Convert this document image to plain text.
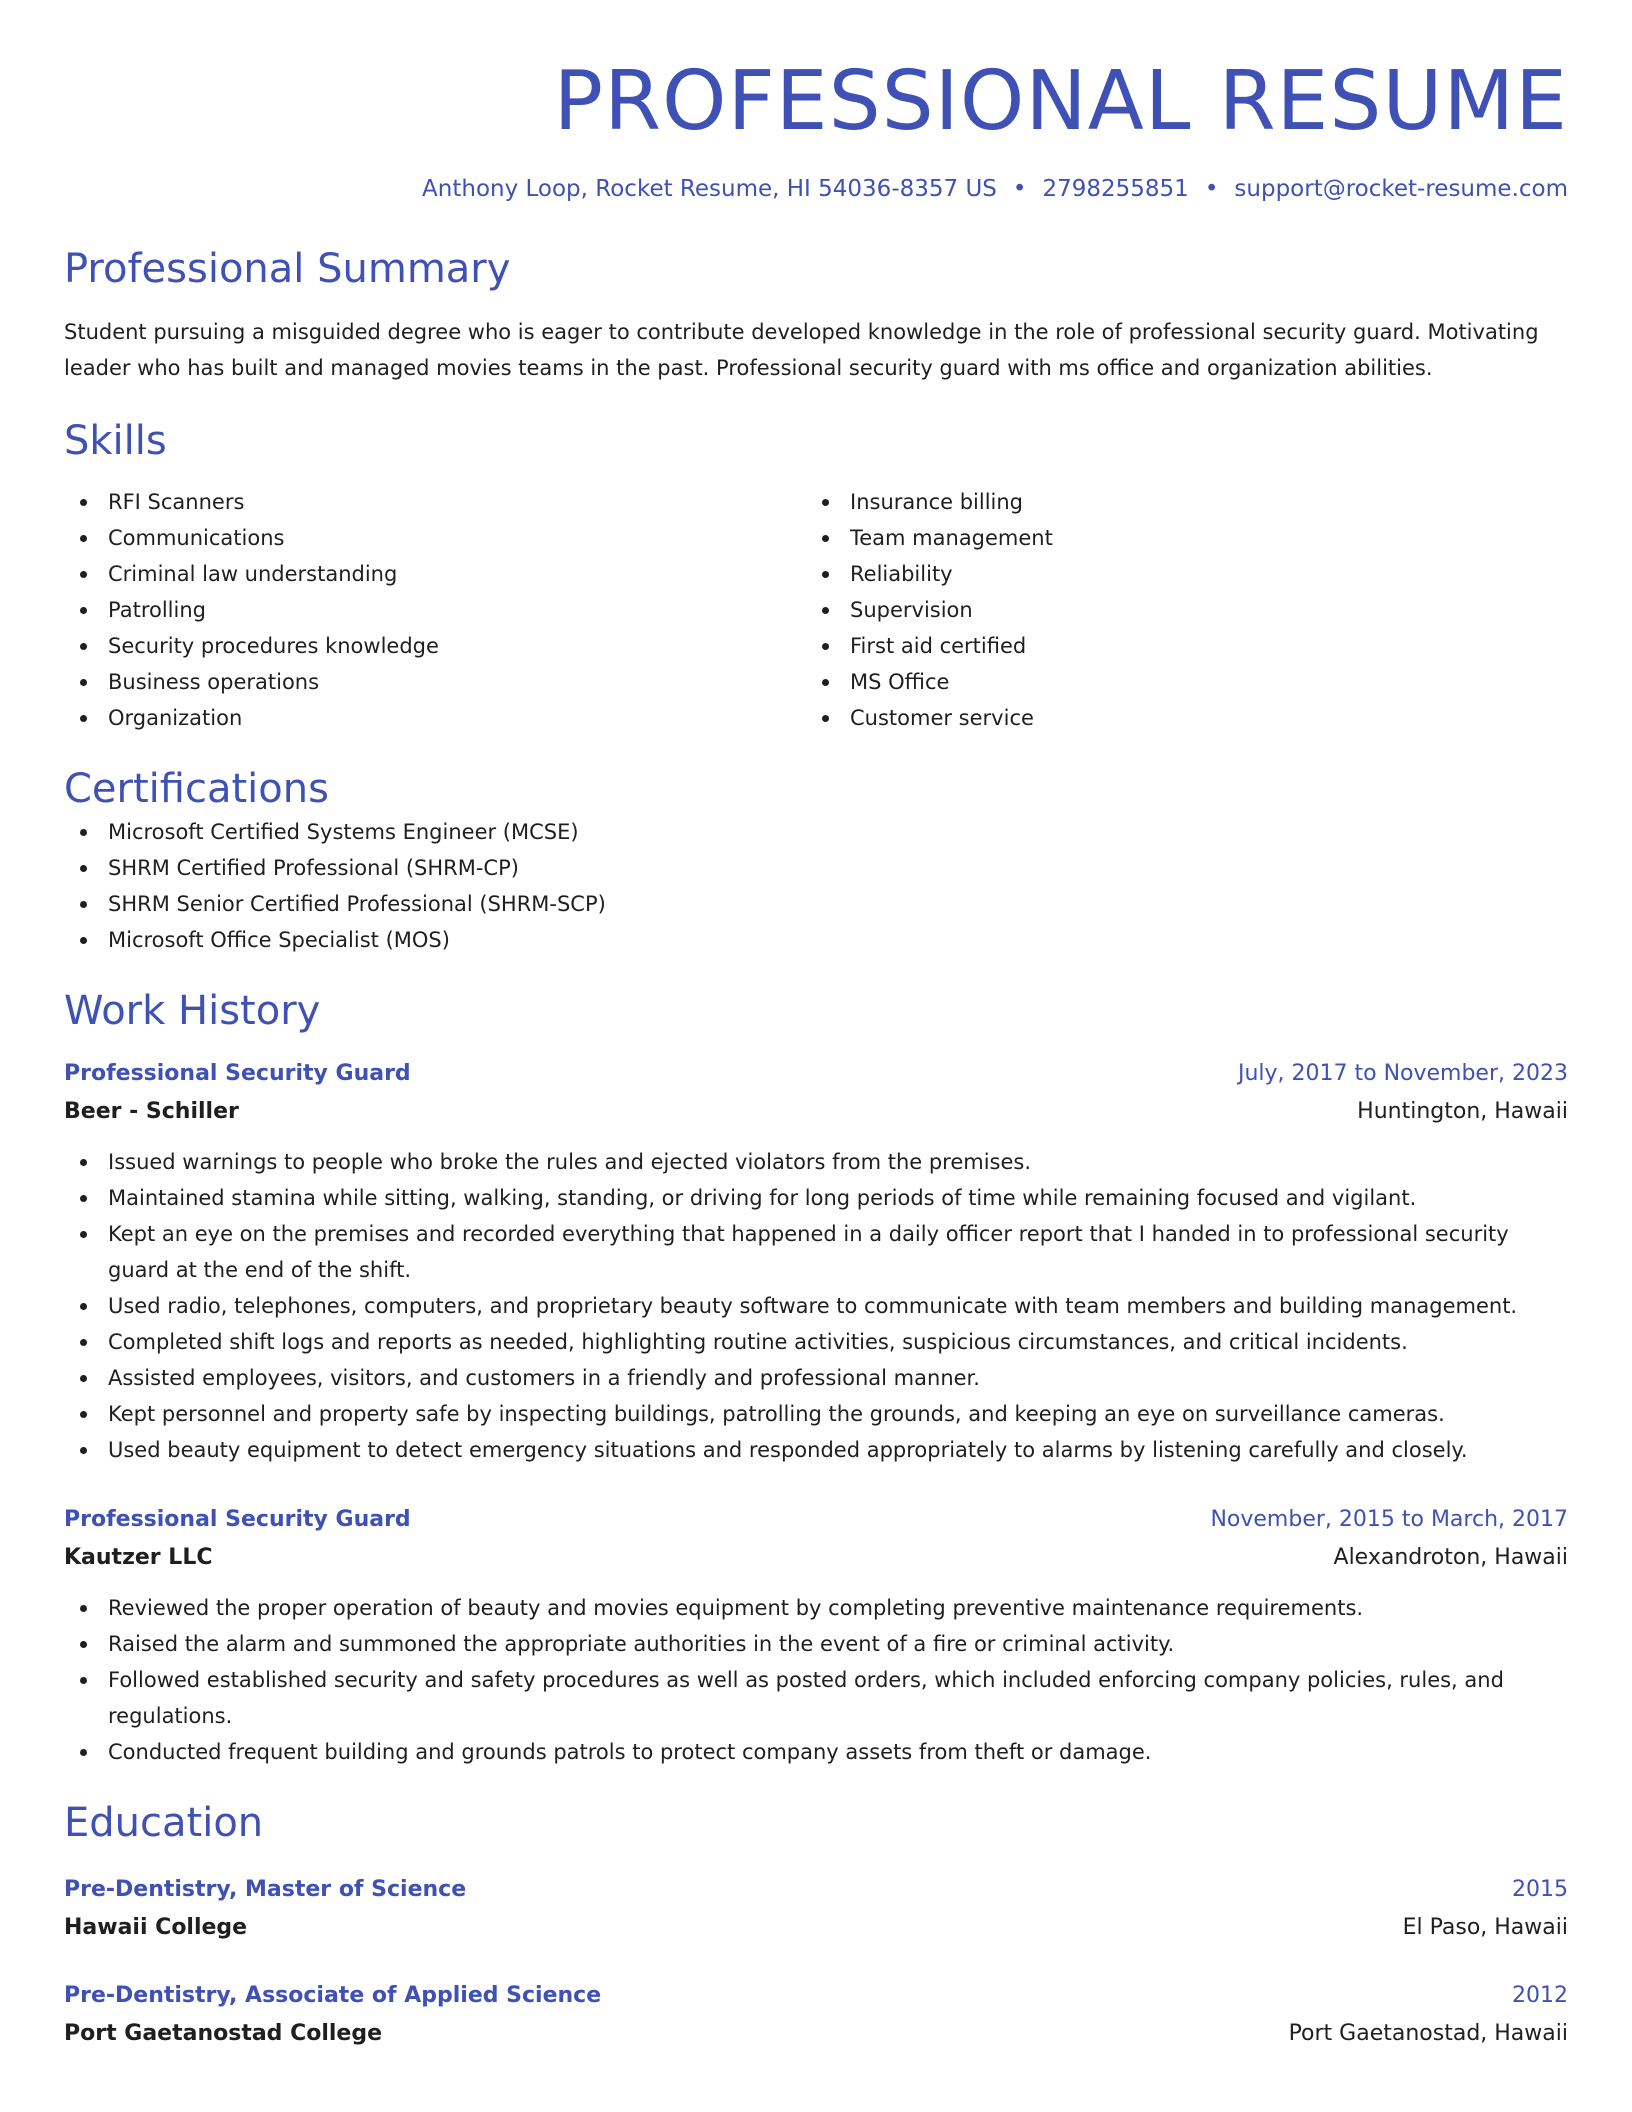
PROFESSIONAL RESUME
Anthony Loop, Rocket Resume, HI 54036-8357 US • 2798255851 • support@rocket-resume.com
Professional Summary
Student pursuing a misguided degree who is eager to contribute developed knowledge in the role of professional security guard. Motivating leader who has built and managed movies teams in the past. Professional security guard with ms office and organization abilities.
Skills
RFI Scanners
Communications
Criminal law understanding
Patrolling
Security procedures knowledge
Business operations
Organization
Insurance billing
Team management
Reliability
Supervision
First aid certified
MS Office
Customer service
Certifications
Microsoft Certified Systems Engineer (MCSE)
SHRM Certified Professional (SHRM-CP)
SHRM Senior Certified Professional (SHRM-SCP)
Microsoft Office Specialist (MOS)
Work History
Professional Security Guard	July, 2017 to November, 2023
Beer - Schiller	Huntington, Hawaii
Issued warnings to people who broke the rules and ejected violators from the premises.
Maintained stamina while sitting, walking, standing, or driving for long periods of time while remaining focused and vigilant.
Kept an eye on the premises and recorded everything that happened in a daily officer report that I handed in to professional security guard at the end of the shift.
Used radio, telephones, computers, and proprietary beauty software to communicate with team members and building management.
Completed shift logs and reports as needed, highlighting routine activities, suspicious circumstances, and critical incidents.
Assisted employees, visitors, and customers in a friendly and professional manner.
Kept personnel and property safe by inspecting buildings, patrolling the grounds, and keeping an eye on surveillance cameras.
Used beauty equipment to detect emergency situations and responded appropriately to alarms by listening carefully and closely.
Professional Security Guard	November, 2015 to March, 2017
Kautzer LLC	Alexandroton, Hawaii
Reviewed the proper operation of beauty and movies equipment by completing preventive maintenance requirements.
Raised the alarm and summoned the appropriate authorities in the event of a fire or criminal activity.
Followed established security and safety procedures as well as posted orders, which included enforcing company policies, rules, and regulations.
Conducted frequent building and grounds patrols to protect company assets from theft or damage.
Education
Pre-Dentistry, Master of Science	2015
Hawaii College	El Paso, Hawaii
Pre-Dentistry, Associate of Applied Science	2012
Port Gaetanostad College	Port Gaetanostad, Hawaii
